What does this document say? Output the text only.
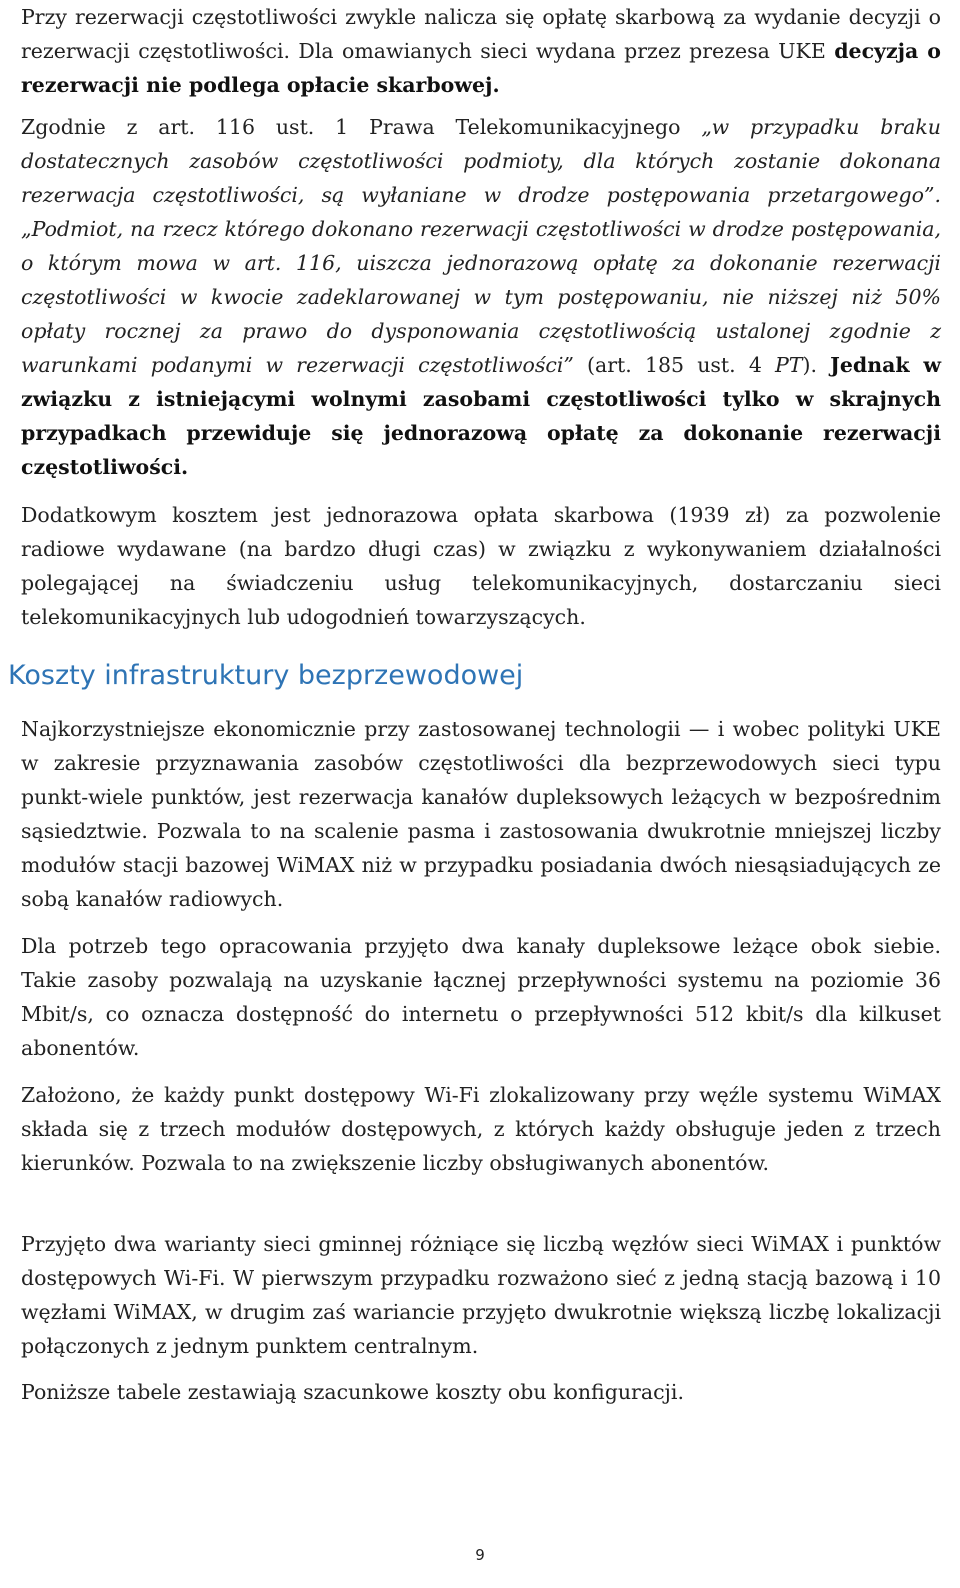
Przy rezerwacji częstotliwości zwykle nalicza się opłatę skarbową za wydanie decyzji o rezerwacji częstotliwości. Dla omawianych sieci wydana przez prezesa UKE decyzja o rezerwacji nie podlega opłacie skarbowej.

Zgodnie z art. 116 ust. 1 Prawa Telekomunikacyjnego „w przypadku braku dostatecznych zasobów częstotliwości podmioty, dla których zostanie dokonana rezerwacja częstotliwości, są wyłaniane w drodze postępowania przetargowego”. „Podmiot, na rzecz którego dokonano rezerwacji częstotliwości w drodze postępowania, o którym mowa w art. 116, uiszcza jednorazową opłatę za dokonanie rezerwacji częstotliwości w kwocie zadeklarowanej w tym postępowaniu, nie niższej niż 50% opłaty rocznej za prawo do dysponowania częstotliwością ustalonej zgodnie z warunkami podanymi w rezerwacji częstotliwości” (art. 185 ust. 4 PT). Jednak w związku z istniejącymi wolnymi zasobami częstotliwości tylko w skrajnych przypadkach przewiduje się jednorazową opłatę za dokonanie rezerwacji częstotliwości.

Dodatkowym kosztem jest jednorazowa opłata skarbowa (1939 zł) za pozwolenie radiowe wydawane (na bardzo długi czas) w związku z wykonywaniem działalności polegającej na świadczeniu usług telekomunikacyjnych, dostarczaniu sieci telekomunikacyjnych lub udogodnień towarzyszących.

Koszty infrastruktury bezprzewodowej

Najkorzystniejsze ekonomicznie przy zastosowanej technologii — i wobec polityki UKE w zakresie przyznawania zasobów częstotliwości dla bezprzewodowych sieci typu punkt-wiele punktów, jest rezerwacja kanałów dupleksowych leżących w bezpośrednim sąsiedztwie. Pozwala to na scalenie pasma i zastosowania dwukrotnie mniejszej liczby modułów stacji bazowej WiMAX niż w przypadku posiadania dwóch niesąsiadujących ze sobą kanałów radiowych.

Dla potrzeb tego opracowania przyjęto dwa kanały dupleksowe leżące obok siebie. Takie zasoby pozwalają na uzyskanie łącznej przepływności systemu na poziomie 36 Mbit/s, co oznacza dostępność do internetu o przepływności 512 kbit/s dla kilkuset abonentów.

Założono, że każdy punkt dostępowy Wi-Fi zlokalizowany przy węźle systemu WiMAX składa się z trzech modułów dostępowych, z których każdy obsługuje jeden z trzech kierunków. Pozwala to na zwiększenie liczby obsługiwanych abonentów.

Przyjęto dwa warianty sieci gminnej różniące się liczbą węzłów sieci WiMAX i punktów dostępowych Wi-Fi. W pierwszym przypadku rozważono sieć z jedną stacją bazową i 10 węzłami WiMAX, w drugim zaś wariancie przyjęto dwukrotnie większą liczbę lokalizacji połączonych z jednym punktem centralnym.

Poniższe tabele zestawiają szacunkowe koszty obu konfiguracji.

9
